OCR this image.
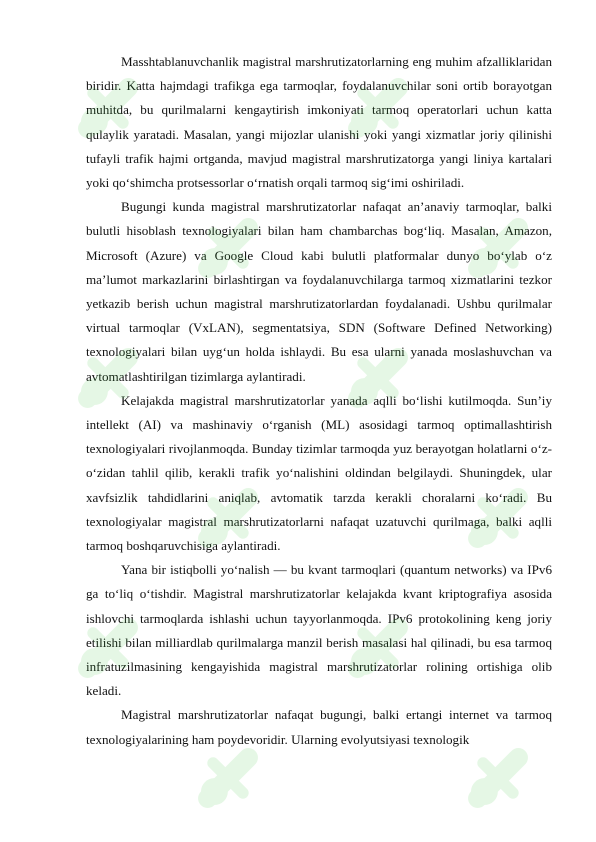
Masshtablanuvchanlik magistral marshrutizatorlarning eng muhim afzalliklaridan biridir. Katta hajmdagi trafikga ega tarmoqlar, foydalanuvchilar soni ortib borayotgan muhitda, bu qurilmalarni kengaytirish imkoniyati tarmoq operatorlari uchun katta qulaylik yaratadi. Masalan, yangi mijozlar ulanishi yoki yangi xizmatlar joriy qilinishi tufayli trafik hajmi ortganda, mavjud magistral marshrutizatorga yangi liniya kartalari yoki qo‘shimcha protsessorlar o‘rnatish orqali tarmoq sig‘imi oshiriladi.

Bugungi kunda magistral marshrutizatorlar nafaqat an’anaviy tarmoqlar, balki bulutli hisoblash texnologiyalari bilan ham chambarchas bog‘liq. Masalan, Amazon, Microsoft (Azure) va Google Cloud kabi bulutli platformalar dunyo bo‘ylab o‘z ma’lumot markazlarini birlashtirgan va foydalanuvchilarga tarmoq xizmatlarini tezkor yetkazib berish uchun magistral marshrutizatorlardan foydalanadi. Ushbu qurilmalar virtual tarmoqlar (VxLAN), segmentatsiya, SDN (Software Defined Networking) texnologiyalari bilan uyg‘un holda ishlaydi. Bu esa ularni yanada moslashuvchan va avtomatlashtirilgan tizimlarga aylantiradi.

Kelajakda magistral marshrutizatorlar yanada aqlli bo‘lishi kutilmoqda. Sun’iy intellekt (AI) va mashinaviy o‘rganish (ML) asosidagi tarmoq optimallashtirish texnologiyalari rivojlanmoqda. Bunday tizimlar tarmoqda yuz berayotgan holatlarni o‘z-o‘zidan tahlil qilib, kerakli trafik yo‘nalishini oldindan belgilaydi. Shuningdek, ular xavfsizlik tahdidlarini aniqlab, avtomatik tarzda kerakli choralarni ko‘radi. Bu texnologiyalar magistral marshrutizatorlarni nafaqat uzatuvchi qurilmaga, balki aqlli tarmoq boshqaruvchisiga aylantiradi.

Yana bir istiqbolli yo‘nalish — bu kvant tarmoqlari (quantum networks) va IPv6 ga to‘liq o‘tishdir. Magistral marshrutizatorlar kelajakda kvant kriptografiya asosida ishlovchi tarmoqlarda ishlashi uchun tayyorlanmoqda. IPv6 protokolining keng joriy etilishi bilan milliardlab qurilmalarga manzil berish masalasi hal qilinadi, bu esa tarmoq infratuzilmasining kengayishida magistral marshrutizatorlar rolining ortishiga olib keladi.

Magistral marshrutizatorlar nafaqat bugungi, balki ertangi internet va tarmoq texnologiyalarining ham poydevoridir. Ularning evolyutsiyasi texnologik
